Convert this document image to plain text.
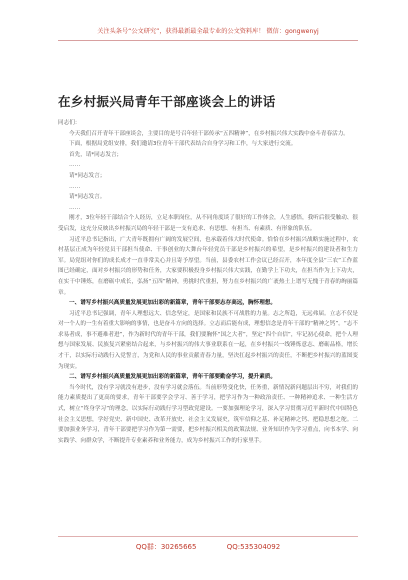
关注头条号“公文研究”，获得最新最全最专业的公文资料库！ 微信：gongwenyj
在乡村振兴局青年干部座谈会上的讲话

同志们：

今天我们召开青年干部座谈会，主要目的是号召年轻干部传承“五四精神”，在乡村振兴伟大实践中奋斗青春活力。

下面，根据局党组安排，我们邀请3位青年干部代表结合自身学习和工作，与大家进行交流。

首先，请*同志发言；

……

请*同志发言；

……

请*同志发言。

……

刚才，3位年轻干部结合个人经历，立足本职岗位，从不同角度谈了很好的工作体会，人生感悟，我听后很受触动、很受启发，这充分反映出乡村振兴局的年轻干部是一支有追求、有思想、有担当、有素质、有形象的队伍。

习近平总书记指出，广大青年既拥有广阔的发展空间，也承载着伟大时代使命。恰恰在乡村振兴战略实施过程中，农村基层正成为年轻党员干部担当使命、干事创业的大舞台年轻党员干部是乡村振兴的希望，是乡村振兴的建设者和生力军。局党组对你们的成长成才一直非常关心并且寄予厚望。当前，县委农村工作会议已经召开，本年度全县“三农”工作蓝图已经确定，面对乡村振兴的形势和任务，大家要积极投身乡村振兴伟大实践，在勤学上下功夫，在担当作为上下功夫，在实干中锤炼，在磨砺中成长，弘扬“五四”精神，勇挑时代重担，努力在乡村振兴的广袤热土上谱写无愧于青春的绚丽篇章。

一、谱写乡村振兴高质量发展更加出彩的新篇章，青年干部要志存高远，胸怀理想。

习近平总书记强调，青年人理想远大、信念坚定，是国家和民族不可战胜的力量。志之所趋，无远弗届。立志不仅是对一个人的一生有着重大影响的事情，也是奋斗方向的选择。立志而后能有成，理想信念是青年干部的“精神之钙”。“志不求易者成，事不避难者进”，作为新时代的青年干部，我们要胸怀“国之大者”，坚定“四个自信”，牢记初心使命，把个人理想与国家发展、民族复兴紧密结合起来，与乡村振兴的伟大事业联系在一起，在乡村振兴一线锤炼意志、磨砺品格，增长才干，以实际行动践行入党誓言，为党和人民的事业贡献青春力量，坚决扛起乡村振兴的责任，不断把乡村振兴的蓝图变为现实。

二、谱写乡村振兴高质量发展更加出彩的新篇章，青年干部要勤奋学习，提升素质。

当今时代，没有学习就没有进步，没有学习就会落伍。当前形势变化快，任务重，新情况新问题层出不穷，对我们的能力素质提出了更高的要求，青年干部要学会学习、善于学习，把学习作为一种政治责任、一种精神追求、一种生活方式，树立“终身学习”的理念，以实际行动践行学习型政党建设。一要加强理论学习，深入学习贯彻习近平新时代中国特色社会主义思想，学好党史、新中国史、改革开放史、社会主义发展史，筑牢信仰之基、补足精神之钙、把稳思想之舵。二要加强业务学习，青年干部要把学习作为第一需要，把乡村振兴相关的政策法规、业务知识作为学习重点，向书本学、向实践学、向群众学，不断提升专业素养和业务能力，成为乡村振兴工作的行家里手。

QQ群：30265665	QQ:535304092
